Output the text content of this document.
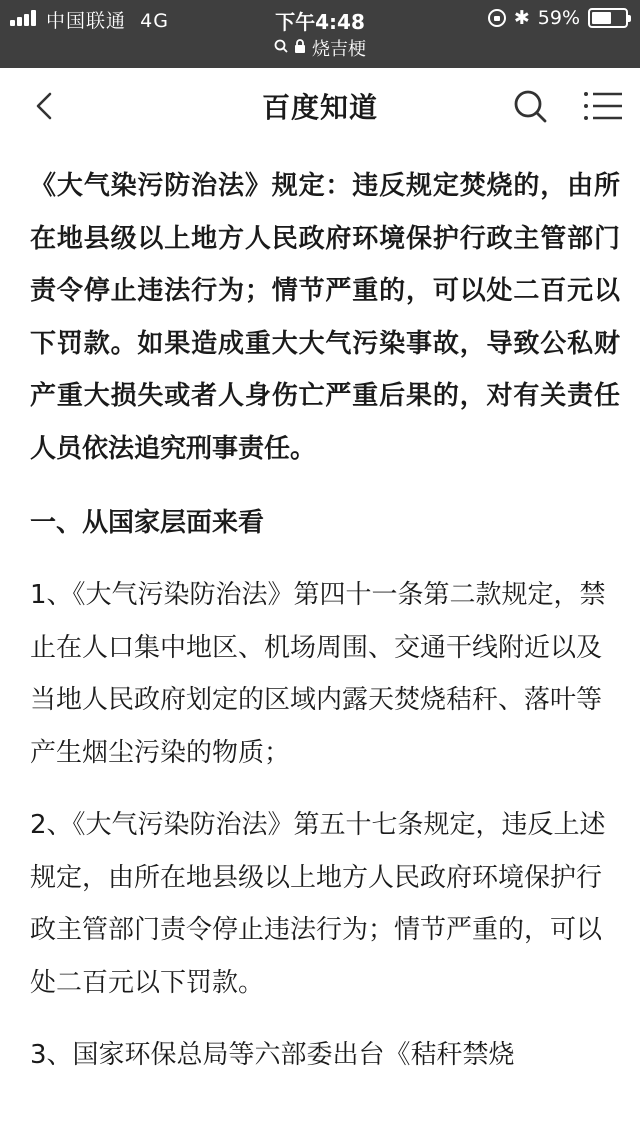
中国联通 4G	下午4:48	✱ 59%
烧吉梗
百度知道

《大气染污防治法》规定：违反规定焚烧的，由所在地县级以上地方人民政府环境保护行政主管部门责令停止违法行为；情节严重的，可以处二百元以下罚款。如果造成重大大气污染事故，导致公私财产重大损失或者人身伤亡严重后果的，对有关责任人员依法追究刑事责任。

一、从国家层面来看

1、《大气污染防治法》第四十一条第二款规定，禁止在人口集中地区、机场周围、交通干线附近以及当地人民政府划定的区域内露天焚烧秸秆、落叶等产生烟尘污染的物质；

2、《大气污染防治法》第五十七条规定，违反上述规定，由所在地县级以上地方人民政府环境保护行政主管部门责令停止违法行为；情节严重的，可以处二百元以下罚款。

3、国家环保总局等六部委出台《秸秆禁烧
